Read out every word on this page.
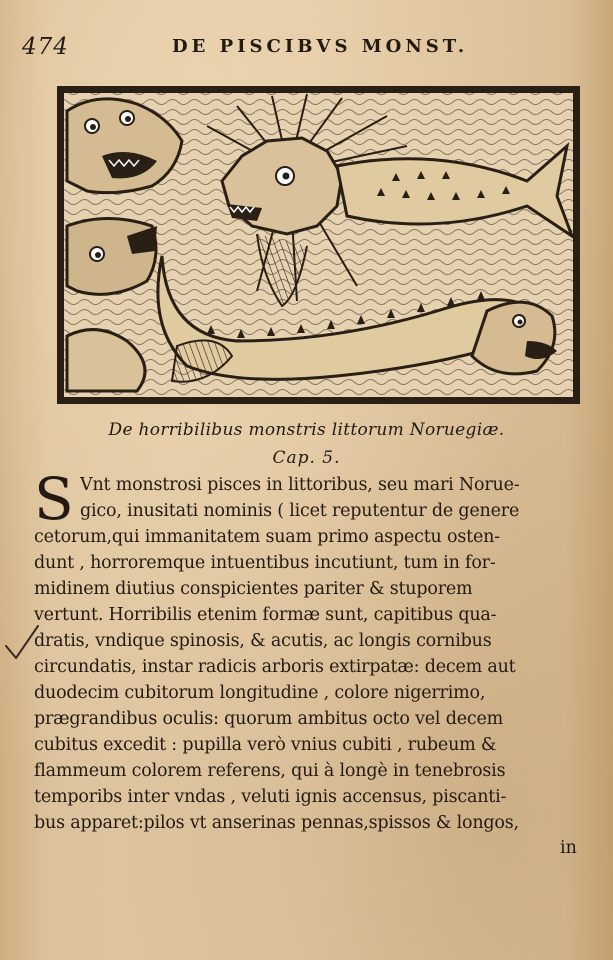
474	DE PISCIBVS MONST.
De horribilibus monstris littorum Noruegiæ.
Cap. 5.
S Vnt monstrosi pisces in littoribus, seu mari Norue-
gico, inusitati nominis ( licet reputentur de genere
cetorum,qui immanitatem suam primo aspectu osten-
dunt , horroremque intuentibus incutiunt, tum in for-
midinem diutius conspicientes pariter & stuporem
vertunt. Horribilis etenim formæ sunt, capitibus qua-
dratis, vndique spinosis, & acutis, ac longis cornibus
circundatis, instar radicis arboris extirpatæ: decem aut
duodecim cubitorum longitudine , colore nigerrimo,
prægrandibus oculis: quorum ambitus octo vel decem
cubitus excedit : pupilla verò vnius cubiti , rubeum &
flammeum colorem referens, qui à longè in tenebrosis
temporibs inter vndas , veluti ignis accensus, piscanti-
bus apparet:pilos vt anserinas pennas,spissos & longos,
in
